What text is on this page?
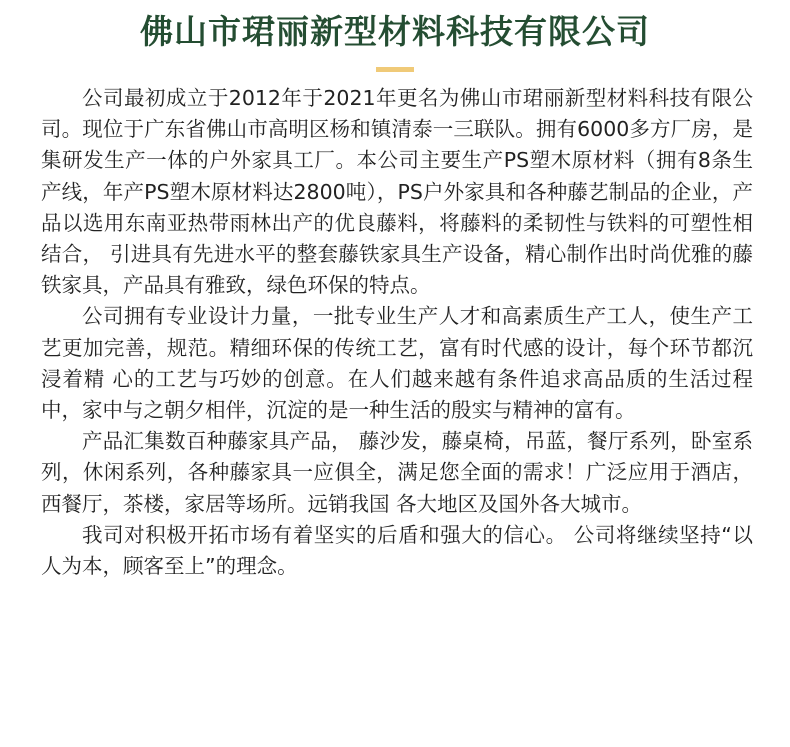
佛山市珺丽新型材料科技有限公司

公司最初成立于2012年于2021年更名为佛山市珺丽新型材料科技有限公司。现位于广东省佛山市高明区杨和镇清泰一三联队。拥有6000多方厂房，是集研发生产一体的户外家具工厂。本公司主要生产PS塑木原材料（拥有8条生产线，年产PS塑木原材料达2800吨），PS户外家具和各种藤艺制品的企业，产品以选用东南亚热带雨林出产的优良藤料，将藤料的柔韧性与铁料的可塑性相结合， 引进具有先进水平的整套藤铁家具生产设备，精心制作出时尚优雅的藤铁家具，产品具有雅致，绿色环保的特点。

公司拥有专业设计力量，一批专业生产人才和高素质生产工人，使生产工艺更加完善，规范。精细环保的传统工艺，富有时代感的设计，每个环节都沉浸着精 心的工艺与巧妙的创意。在人们越来越有条件追求高品质的生活过程中，家中与之朝夕相伴，沉淀的是一种生活的殷实与精神的富有。

产品汇集数百种藤家具产品， 藤沙发，藤桌椅，吊蓝，餐厅系列，卧室系列，休闲系列，各种藤家具一应俱全，满足您全面的需求！广泛应用于酒店，西餐厅，茶楼，家居等场所。远销我国 各大地区及国外各大城市。

我司对积极开拓市场有着坚实的后盾和强大的信心。 公司将继续坚持“以人为本，顾客至上”的理念。
